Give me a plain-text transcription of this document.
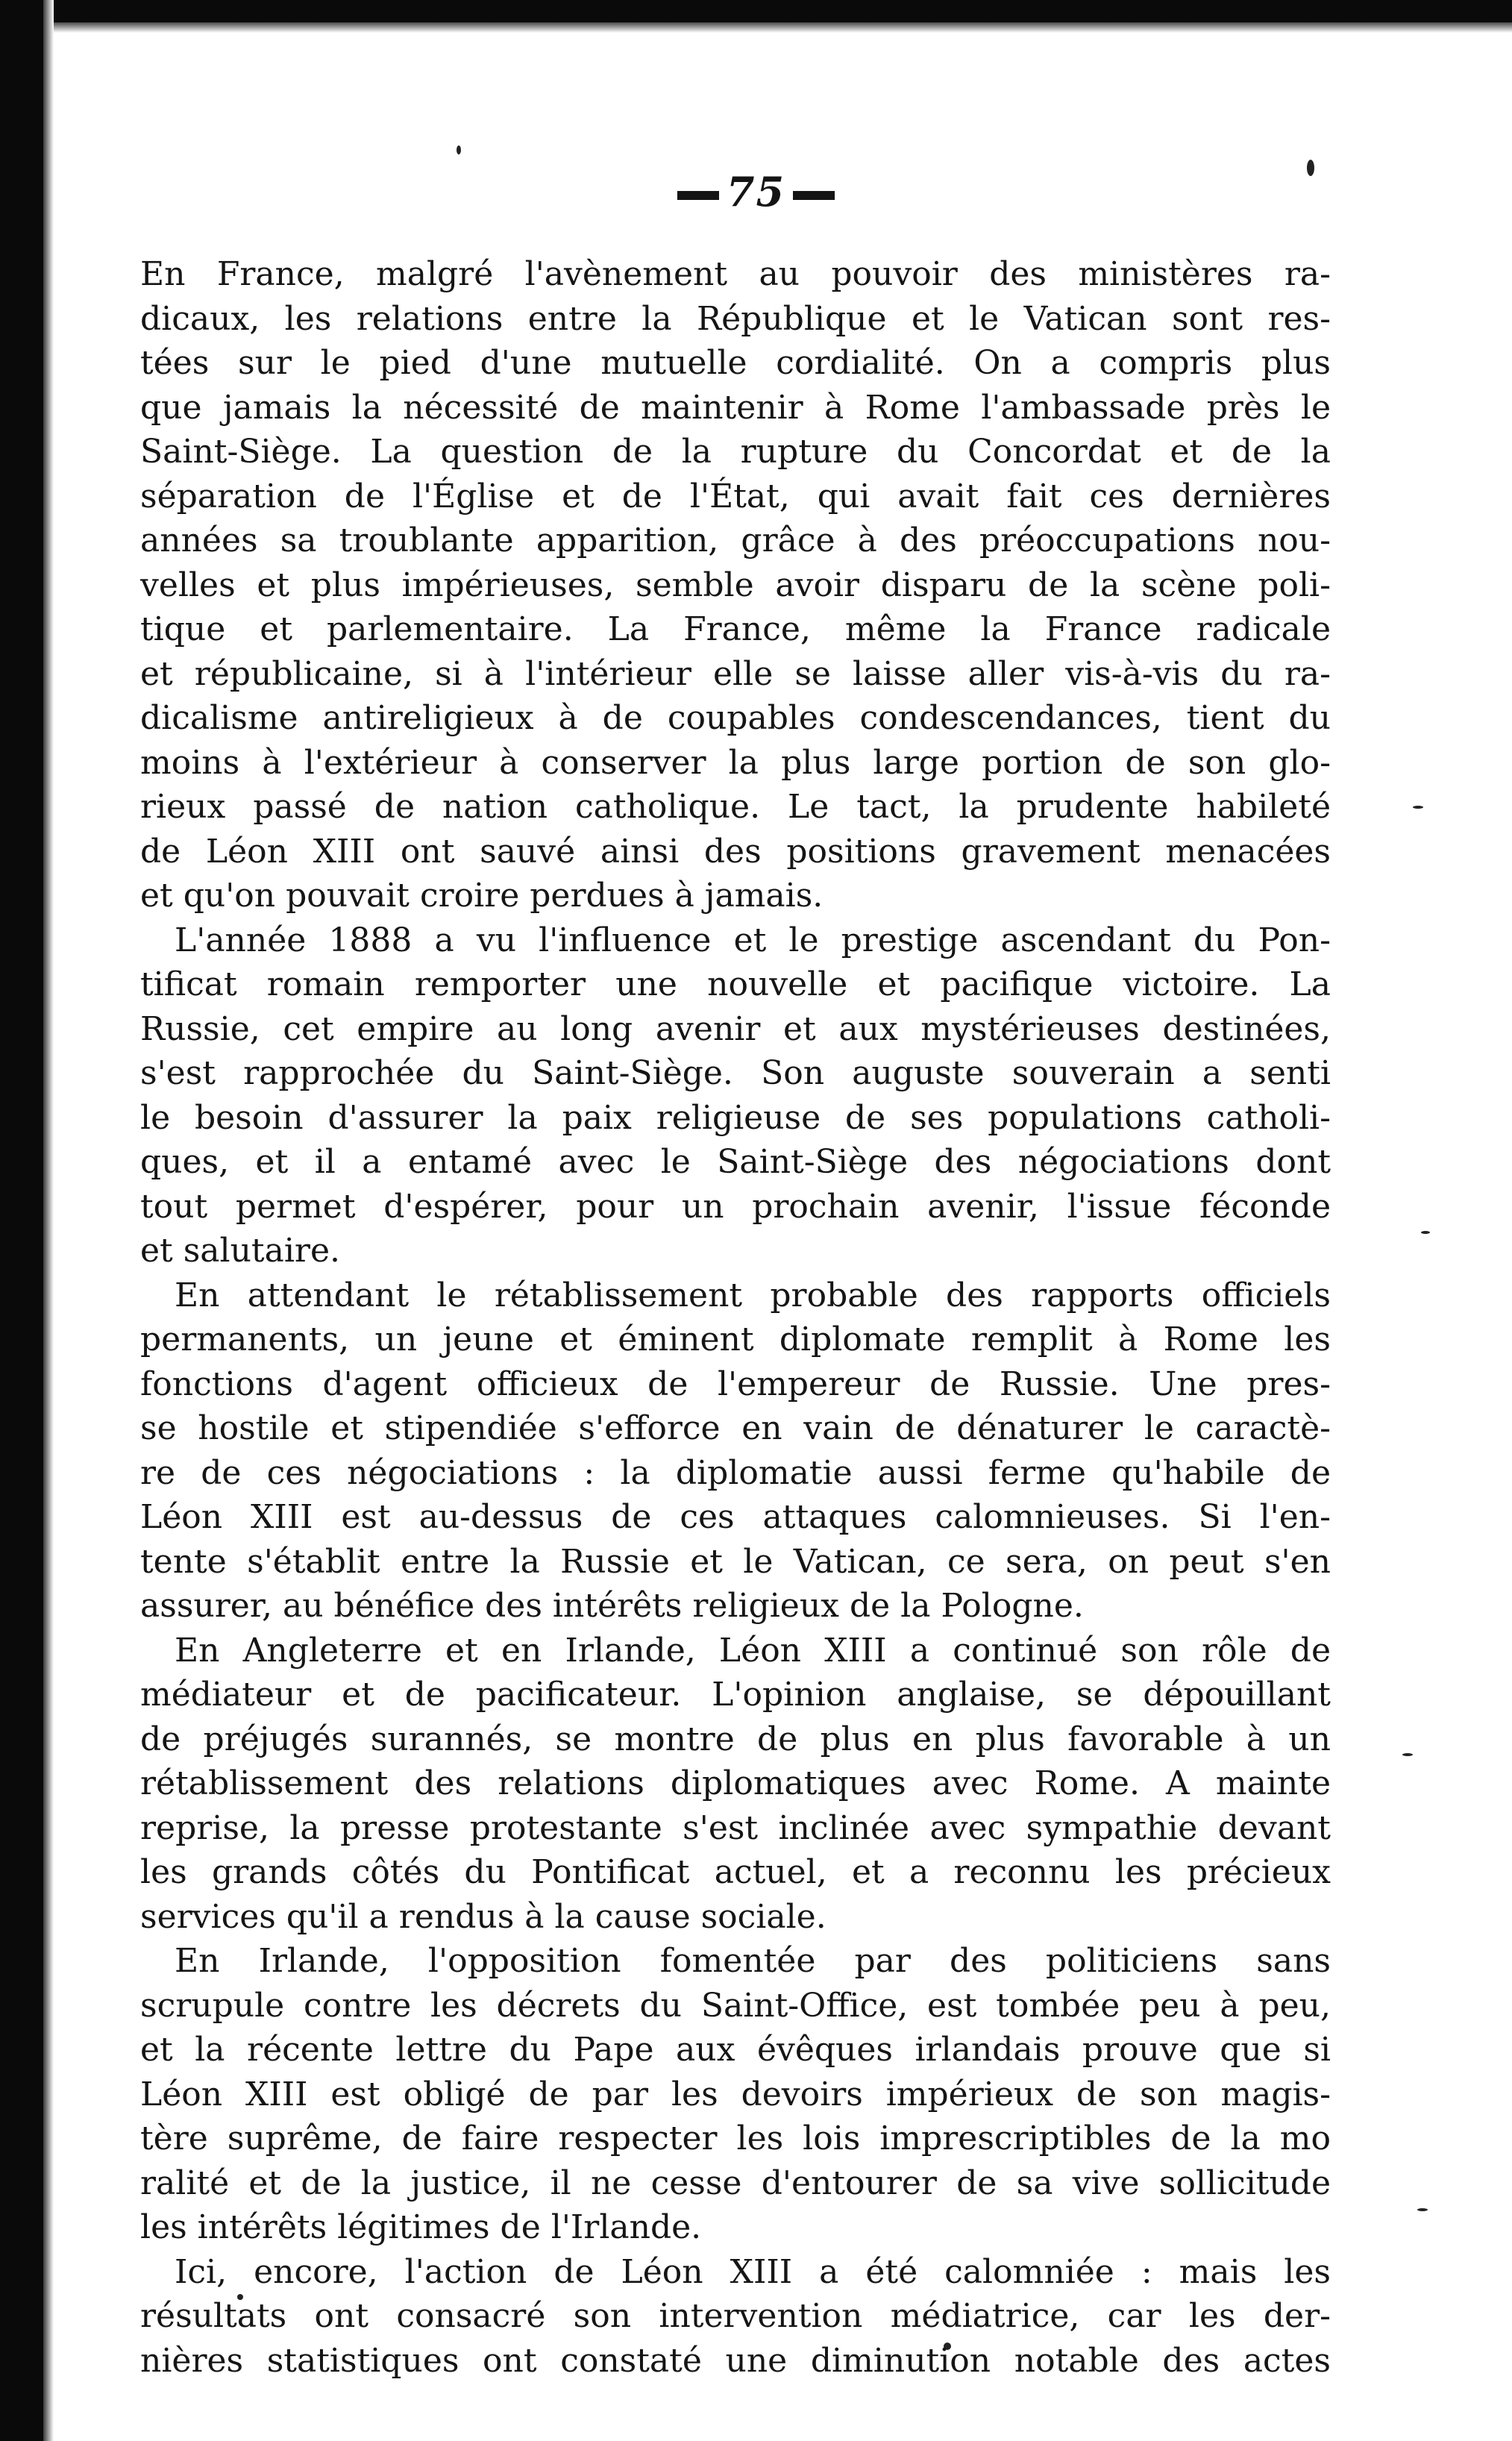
75

En France, malgré l'avènement au pouvoir des ministères ra-
dicaux, les relations entre la République et le Vatican sont res-
tées sur le pied d'une mutuelle cordialité. On a compris plus
que jamais la nécessité de maintenir à Rome l'ambassade près le
Saint-Siège. La question de la rupture du Concordat et de la
séparation de l'Église et de l'État, qui avait fait ces dernières
années sa troublante apparition, grâce à des préoccupations nou-
velles et plus impérieuses, semble avoir disparu de la scène poli-
tique et parlementaire. La France, même la France radicale
et républicaine, si à l'intérieur elle se laisse aller vis-à-vis du ra-
dicalisme antireligieux à de coupables condescendances, tient du
moins à l'extérieur à conserver la plus large portion de son glo-
rieux passé de nation catholique. Le tact, la prudente habileté
de Léon XIII ont sauvé ainsi des positions gravement menacées
et qu'on pouvait croire perdues à jamais.

L'année 1888 a vu l'influence et le prestige ascendant du Pon-
tificat romain remporter une nouvelle et pacifique victoire. La
Russie, cet empire au long avenir et aux mystérieuses destinées,
s'est rapprochée du Saint-Siège. Son auguste souverain a senti
le besoin d'assurer la paix religieuse de ses populations catholi-
ques, et il a entamé avec le Saint-Siège des négociations dont
tout permet d'espérer, pour un prochain avenir, l'issue féconde
et salutaire.

En attendant le rétablissement probable des rapports officiels
permanents, un jeune et éminent diplomate remplit à Rome les
fonctions d'agent officieux de l'empereur de Russie. Une pres-
se hostile et stipendiée s'efforce en vain de dénaturer le caractè-
re de ces négociations : la diplomatie aussi ferme qu'habile de
Léon XIII est au-dessus de ces attaques calomnieuses. Si l'en-
tente s'établit entre la Russie et le Vatican, ce sera, on peut s'en
assurer, au bénéfice des intérêts religieux de la Pologne.

En Angleterre et en Irlande, Léon XIII a continué son rôle de
médiateur et de pacificateur. L'opinion anglaise, se dépouillant
de préjugés surannés, se montre de plus en plus favorable à un
rétablissement des relations diplomatiques avec Rome. A mainte
reprise, la presse protestante s'est inclinée avec sympathie devant
les grands côtés du Pontificat actuel, et a reconnu les précieux
services qu'il a rendus à la cause sociale.

En Irlande, l'opposition fomentée par des politiciens sans
scrupule contre les décrets du Saint-Office, est tombée peu à peu,
et la récente lettre du Pape aux évêques irlandais prouve que si
Léon XIII est obligé de par les devoirs impérieux de son magis-
tère suprême, de faire respecter les lois imprescriptibles de la mo
ralité et de la justice, il ne cesse d'entourer de sa vive sollicitude
les intérêts légitimes de l'Irlande.

Ici, encore, l'action de Léon XIII a été calomniée : mais les
résultats ont consacré son intervention médiatrice, car les der-
nières statistiques ont constaté une diminution notable des actes
